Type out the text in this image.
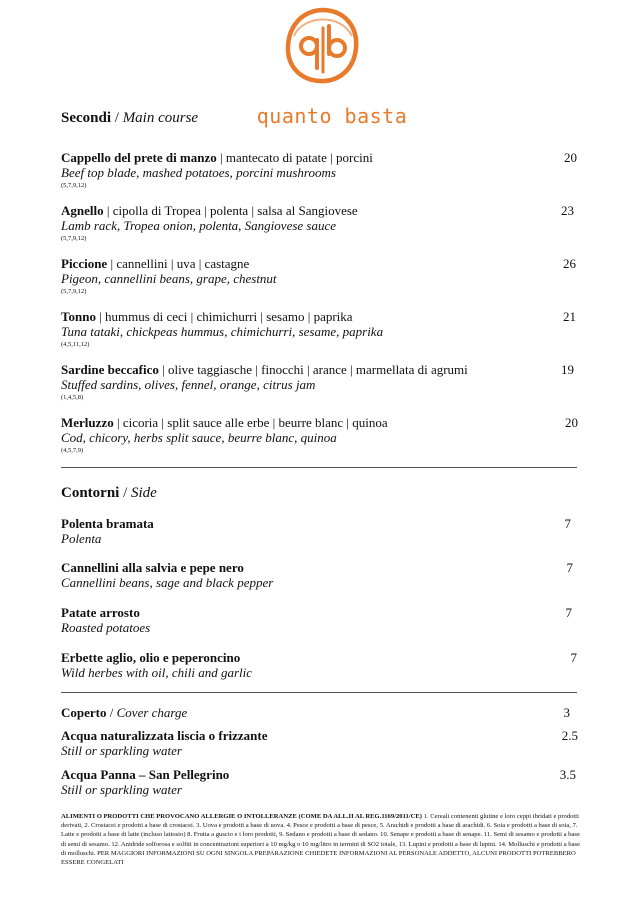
quanto basta
Secondi / Main course
Cappello del prete di manzo | mantecato di patate | porcini
Beef top blade, mashed potatoes, porcini mushrooms
(5,7,9,12)
20
Agnello | cipolla di Tropea | polenta | salsa al Sangiovese
Lamb rack, Tropea onion, polenta, Sangiovese sauce
(5,7,9,12)
23
Piccione | cannellini | uva | castagne
Pigeon, cannellini beans, grape, chestnut
(5,7,9,12)
26
Tonno | hummus di ceci | chimichurri | sesamo | paprika
Tuna tataki, chickpeas hummus, chimichurri, sesame, paprika
(4,5,11,12)
21
Sardine beccafico | olive taggiasche | finocchi | arance | marmellata di agrumi
Stuffed sardins, olives, fennel, orange, citrus jam
(1,4,5,8)
19
Merluzzo | cicoria | split sauce alle erbe | beurre blanc | quinoa
Cod, chicory, herbs split sauce, beurre blanc, quinoa
(4,5,7,9)
20
Contorni / Side
Polenta bramata
Polenta
7
Cannellini alla salvia e pepe nero
Cannellini beans, sage and black pepper
7
Patate arrosto
Roasted potatoes
7
Erbette aglio, olio e peperoncino
Wild herbes with oil, chili and garlic
7
Coperto / Cover charge	3
Acqua naturalizzata liscia o frizzante
Still or sparkling water
2.5
Acqua Panna – San Pellegrino
Still or sparkling water
3.5
ALIMENTI O PRODOTTI CHE PROVOCANO ALLERGIE O INTOLLERANZE (COME DA ALL.II AL REG.1169/2011/CE) 1. Cereali contenenti glutine e loro ceppi ibridati e prodotti derivati, 2. Crostacei e prodotti a base di crostacei. 3. Uova e prodotti a base di uova. 4. Pesce e prodotti a base di pesce, 5. Arachidi e prodotti a base di arachidi. 6. Soia e prodotti a base di soia, 7. Latte e prodotti a base di latte (incluso lattosio) 8. Frutta a guscio e i loro prodotti, 9. Sedano e prodotti a base di sedano. 10. Senape e prodotti a base di senape. 11. Semi di sesamo e prodotti a base di semi di sesamo. 12. Anidride solforosa e solfiti in concentrazioni superiori a 10 mg/kg o 10 mg/litro in termini di SO2 totale, 13. Lupini e prodotti a base di lupini. 14. Molluschi e prodotti a base di molluschi. PER MAGGIORI INFORMAZIONI SU OGNI SINGOLA PREPARAZIONE CHIEDETE INFORMAZIONI AL PERSONALE ADDETTO, ALCUNI PRODOTTI POTREBBERO ESSERE CONGELATI
